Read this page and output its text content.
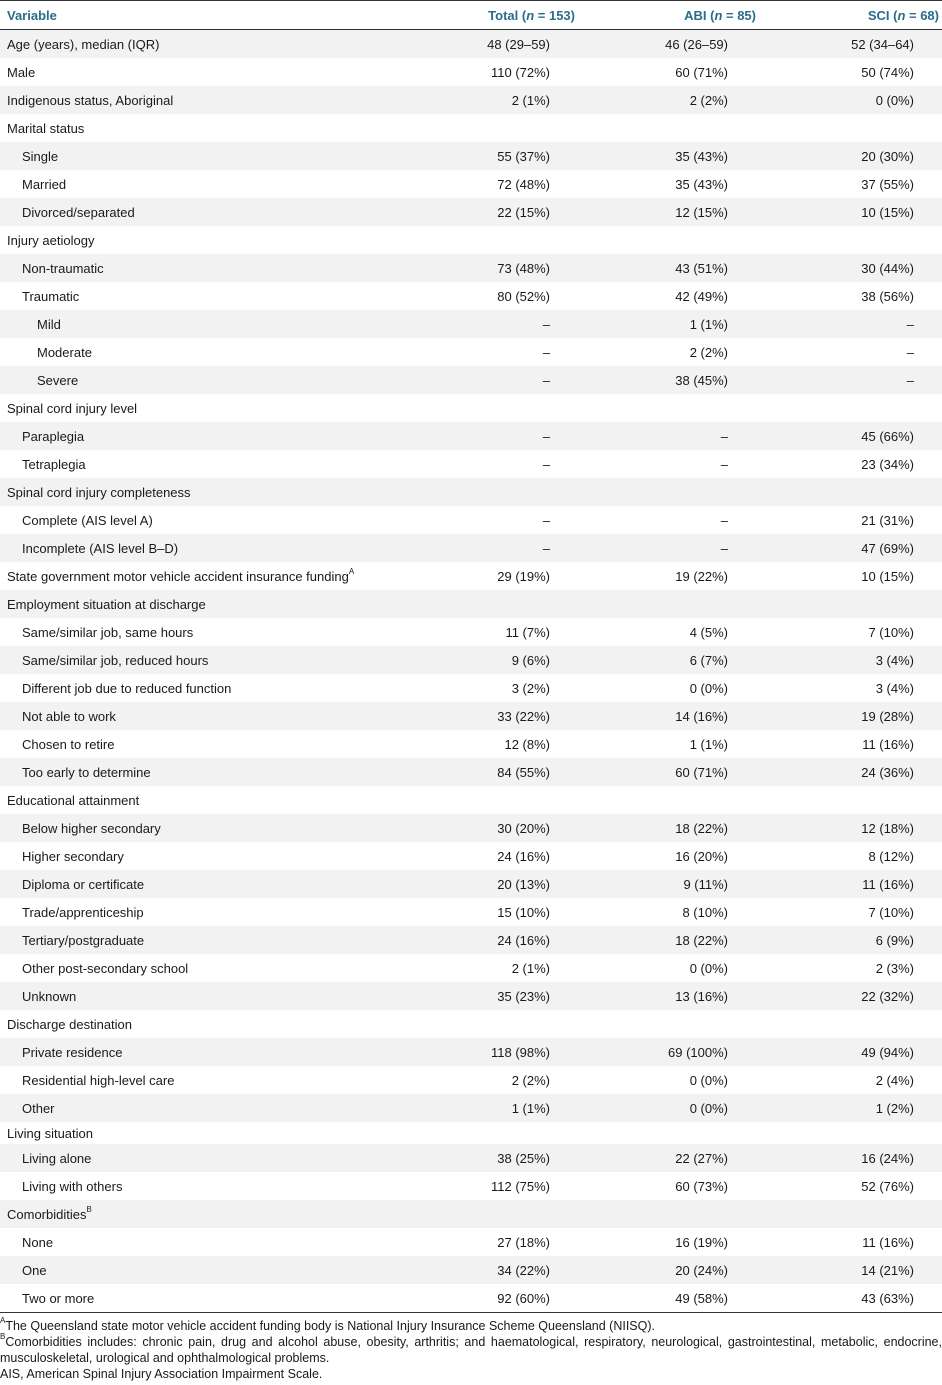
Variable	Total (n = 153)	ABI (n = 85)	SCI (n = 68)
Age (years), median (IQR)	48 (29–59)	46 (26–59)	52 (34–64)
Male	110 (72%)	60 (71%)	50 (74%)
Indigenous status, Aboriginal	2 (1%)	2 (2%)	0 (0%)
Marital status			
Single	55 (37%)	35 (43%)	20 (30%)
Married	72 (48%)	35 (43%)	37 (55%)
Divorced/separated	22 (15%)	12 (15%)	10 (15%)
Injury aetiology			
Non-traumatic	73 (48%)	43 (51%)	30 (44%)
Traumatic	80 (52%)	42 (49%)	38 (56%)
Mild	–	1 (1%)	–
Moderate	–	2 (2%)	–
Severe	–	38 (45%)	–
Spinal cord injury level			
Paraplegia	–	–	45 (66%)
Tetraplegia	–	–	23 (34%)
Spinal cord injury completeness			
Complete (AIS level A)	–	–	21 (31%)
Incomplete (AIS level B–D)	–	–	47 (69%)
State government motor vehicle accident insurance funding$^A$	29 (19%)	19 (22%)	10 (15%)
Employment situation at discharge			
Same/similar job, same hours	11 (7%)	4 (5%)	7 (10%)
Same/similar job, reduced hours	9 (6%)	6 (7%)	3 (4%)
Different job due to reduced function	3 (2%)	0 (0%)	3 (4%)
Not able to work	33 (22%)	14 (16%)	19 (28%)
Chosen to retire	12 (8%)	1 (1%)	11 (16%)
Too early to determine	84 (55%)	60 (71%)	24 (36%)
Educational attainment			
Below higher secondary	30 (20%)	18 (22%)	12 (18%)
Higher secondary	24 (16%)	16 (20%)	8 (12%)
Diploma or certificate	20 (13%)	9 (11%)	11 (16%)
Trade/apprenticeship	15 (10%)	8 (10%)	7 (10%)
Tertiary/postgraduate	24 (16%)	18 (22%)	6 (9%)
Other post-secondary school	2 (1%)	0 (0%)	2 (3%)
Unknown	35 (23%)	13 (16%)	22 (32%)
Discharge destination			
Private residence	118 (98%)	69 (100%)	49 (94%)
Residential high-level care	2 (2%)	0 (0%)	2 (4%)
Other	1 (1%)	0 (0%)	1 (2%)
Living situation			
Living alone	38 (25%)	22 (27%)	16 (24%)
Living with others	112 (75%)	60 (73%)	52 (76%)
Comorbidities$^B$			
None	27 (18%)	16 (19%)	11 (16%)
One	34 (22%)	20 (24%)	14 (21%)
Two or more	92 (60%)	49 (58%)	43 (63%)

$^A$The Queensland state motor vehicle accident funding body is National Injury Insurance Scheme Queensland (NIISQ).

$^B$Comorbidities includes: chronic pain, drug and alcohol abuse, obesity, arthritis; and haematological, respiratory, neurological, gastrointestinal, metabolic, endocrine, musculoskeletal, urological and ophthalmological problems.

AIS, American Spinal Injury Association Impairment Scale.
